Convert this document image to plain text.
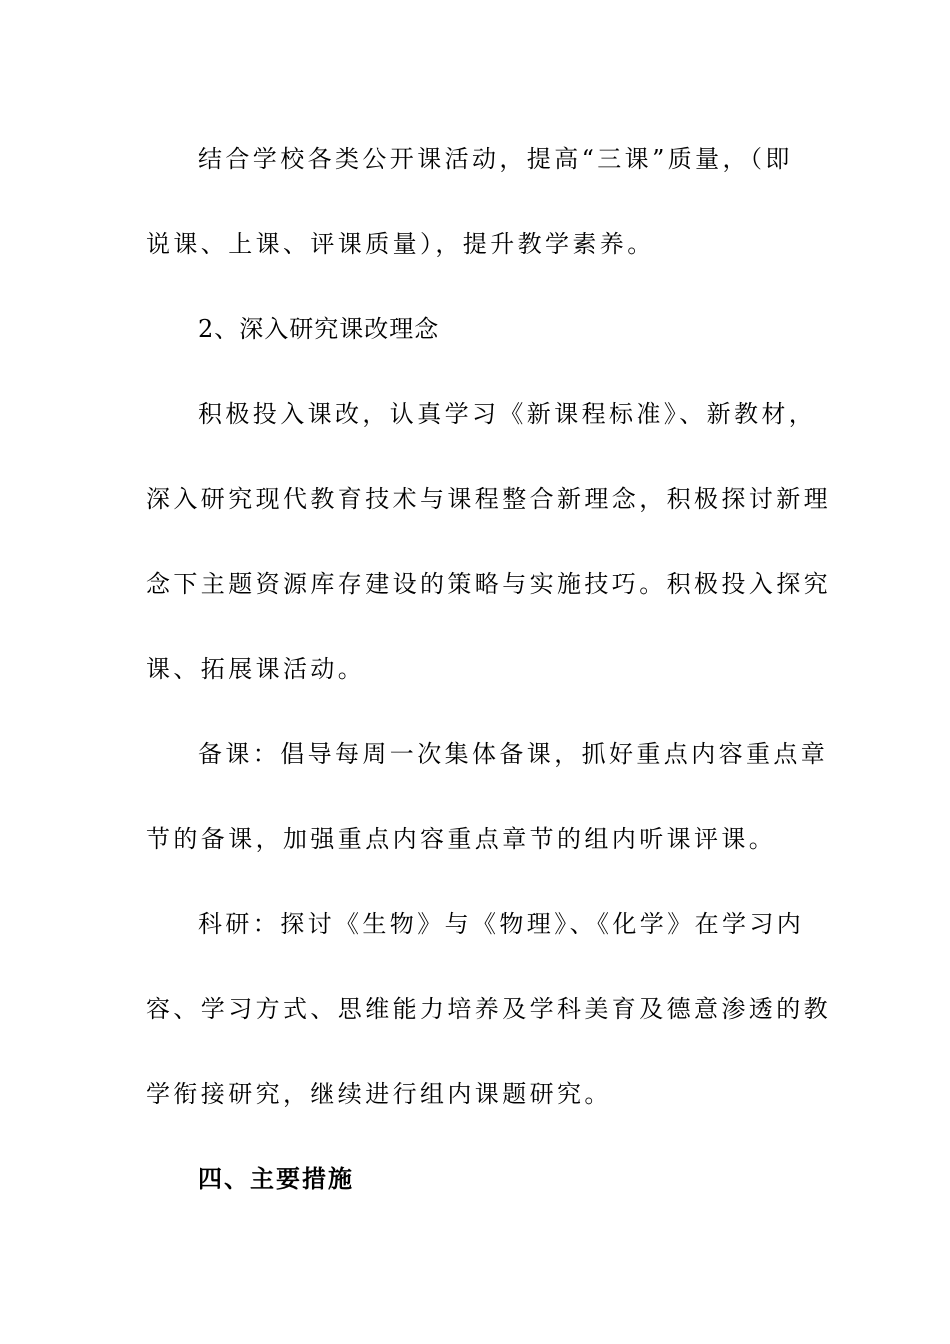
结合学校各类公开课活动，提高“三课”质量，（即

说课、上课、评课质量），提升教学素养。

2、深入研究课改理念

积极投入课改，认真学习《新课程标准》、新教材，

深入研究现代教育技术与课程整合新理念，积极探讨新理

念下主题资源库存建设的策略与实施技巧。积极投入探究

课、拓展课活动。

备课：倡导每周一次集体备课，抓好重点内容重点章

节的备课，加强重点内容重点章节的组内听课评课。

科研：探讨《生物》与《物理》、《化学》在学习内

容、学习方式、思维能力培养及学科美育及德意渗透的教

学衔接研究，继续进行组内课题研究。

四、主要措施
